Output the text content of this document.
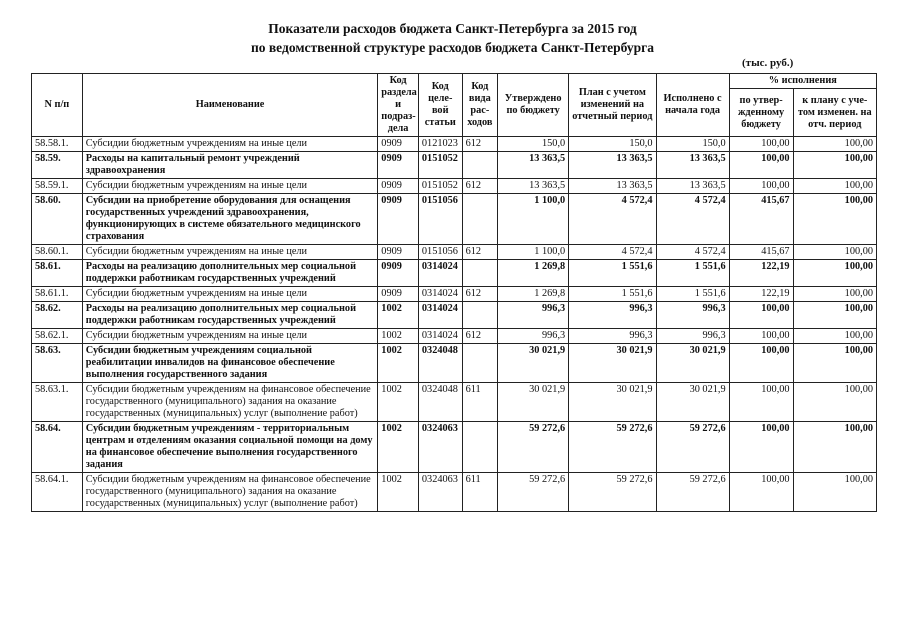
Показатели расходов бюджета Санкт-Петербурга за 2015 год
по ведомственной структуре расходов бюджета Санкт-Петербурга
(тыс. руб.)
N п/п	Наименование	Код раздела и подраз-дела	Код целе-вой статьи	Код вида рас-ходов	Утверждено по бюджету	План с учетом изменений на отчетный период	Исполнено с начала года	% исполнения	
								по утвер-жденному бюджету	к плану с уче-том изменен. на отч. период
58.58.1.	Субсидии бюджетным учреждениям на иные цели	0909	0121023	612	150,0	150,0	150,0	100,00	100,00
58.59.	Расходы на капитальный ремонт учреждений здравоохранения	0909	0151052		13 363,5	13 363,5	13 363,5	100,00	100,00
58.59.1.	Субсидии бюджетным учреждениям на иные цели	0909	0151052	612	13 363,5	13 363,5	13 363,5	100,00	100,00
58.60.	Субсидии на приобретение оборудования для оснащения государственных учреждений здравоохранения, функционирующих в системе обязательного медицинского страхования	0909	0151056		1 100,0	4 572,4	4 572,4	415,67	100,00
58.60.1.	Субсидии бюджетным учреждениям на иные цели	0909	0151056	612	1 100,0	4 572,4	4 572,4	415,67	100,00
58.61.	Расходы на реализацию дополнительных мер социальной поддержки работникам государственных учреждений	0909	0314024		1 269,8	1 551,6	1 551,6	122,19	100,00
58.61.1.	Субсидии бюджетным учреждениям на иные цели	0909	0314024	612	1 269,8	1 551,6	1 551,6	122,19	100,00
58.62.	Расходы на реализацию дополнительных мер социальной поддержки работникам государственных учреждений	1002	0314024		996,3	996,3	996,3	100,00	100,00
58.62.1.	Субсидии бюджетным учреждениям на иные цели	1002	0314024	612	996,3	996,3	996,3	100,00	100,00
58.63.	Субсидии бюджетным учреждениям социальной реабилитации инвалидов на финансовое обеспечение выполнения государственного задания	1002	0324048		30 021,9	30 021,9	30 021,9	100,00	100,00
58.63.1.	Субсидии бюджетным учреждениям на финансовое обеспечение государственного (муниципального) задания на оказание государственных (муниципальных) услуг (выполнение работ)	1002	0324048	611	30 021,9	30 021,9	30 021,9	100,00	100,00
58.64.	Субсидии бюджетным учреждениям - территориальным центрам и отделениям оказания социальной помощи на дому на финансовое обеспечение выполнения государственного задания	1002	0324063		59 272,6	59 272,6	59 272,6	100,00	100,00
58.64.1.	Субсидии бюджетным учреждениям на финансовое обеспечение государственного (муниципального) задания на оказание государственных (муниципальных) услуг (выполнение работ)	1002	0324063	611	59 272,6	59 272,6	59 272,6	100,00	100,00
